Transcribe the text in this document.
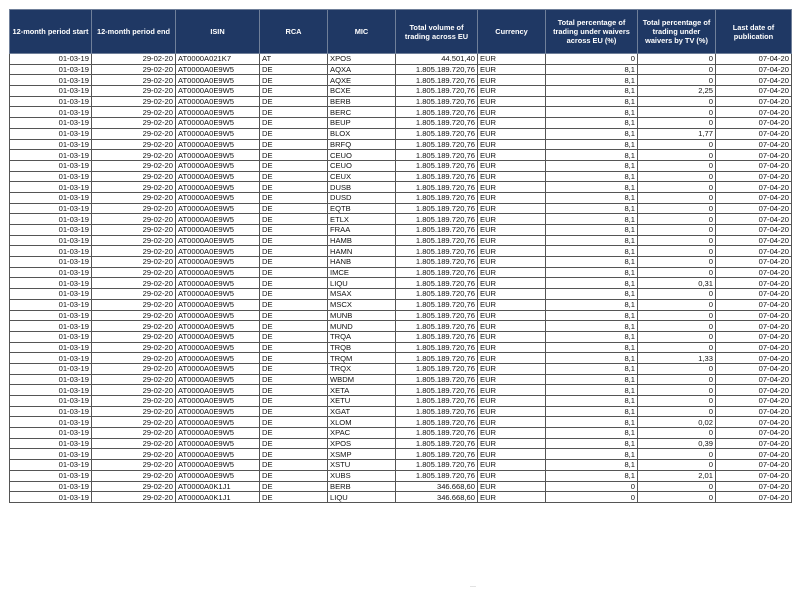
12-month period start	12-month period end	ISIN	RCA	MIC	Total volume of trading across EU	Currency	Total percentage of trading under waivers across EU (%)	Total percentage of trading under waivers by TV (%)	Last date of publication
01-03-19	29-02-20	AT0000A021K7	AT	XPOS	44.501,40	EUR	0	0	07-04-20
01-03-19	29-02-20	AT0000A0E9W5	DE	AQXA	1.805.189.720,76	EUR	8,1	0	07-04-20
01-03-19	29-02-20	AT0000A0E9W5	DE	AQXE	1.805.189.720,76	EUR	8,1	0	07-04-20
01-03-19	29-02-20	AT0000A0E9W5	DE	BCXE	1.805.189.720,76	EUR	8,1	2,25	07-04-20
01-03-19	29-02-20	AT0000A0E9W5	DE	BERB	1.805.189.720,76	EUR	8,1	0	07-04-20
01-03-19	29-02-20	AT0000A0E9W5	DE	BERC	1.805.189.720,76	EUR	8,1	0	07-04-20
01-03-19	29-02-20	AT0000A0E9W5	DE	BEUP	1.805.189.720,76	EUR	8,1	0	07-04-20
01-03-19	29-02-20	AT0000A0E9W5	DE	BLOX	1.805.189.720,76	EUR	8,1	1,77	07-04-20
01-03-19	29-02-20	AT0000A0E9W5	DE	BRFQ	1.805.189.720,76	EUR	8,1	0	07-04-20
01-03-19	29-02-20	AT0000A0E9W5	DE	CEUO	1.805.189.720,76	EUR	8,1	0	07-04-20
01-03-19	29-02-20	AT0000A0E9W5	DE	CEUO	1.805.189.720,76	EUR	8,1	0	07-04-20
01-03-19	29-02-20	AT0000A0E9W5	DE	CEUX	1.805.189.720,76	EUR	8,1	0	07-04-20
01-03-19	29-02-20	AT0000A0E9W5	DE	DUSB	1.805.189.720,76	EUR	8,1	0	07-04-20
01-03-19	29-02-20	AT0000A0E9W5	DE	DUSD	1.805.189.720,76	EUR	8,1	0	07-04-20
01-03-19	29-02-20	AT0000A0E9W5	DE	EQTB	1.805.189.720,76	EUR	8,1	0	07-04-20
01-03-19	29-02-20	AT0000A0E9W5	DE	ETLX	1.805.189.720,76	EUR	8,1	0	07-04-20
01-03-19	29-02-20	AT0000A0E9W5	DE	FRAA	1.805.189.720,76	EUR	8,1	0	07-04-20
01-03-19	29-02-20	AT0000A0E9W5	DE	HAMB	1.805.189.720,76	EUR	8,1	0	07-04-20
01-03-19	29-02-20	AT0000A0E9W5	DE	HAMN	1.805.189.720,76	EUR	8,1	0	07-04-20
01-03-19	29-02-20	AT0000A0E9W5	DE	HANB	1.805.189.720,76	EUR	8,1	0	07-04-20
01-03-19	29-02-20	AT0000A0E9W5	DE	IMCE	1.805.189.720,76	EUR	8,1	0	07-04-20
01-03-19	29-02-20	AT0000A0E9W5	DE	LIQU	1.805.189.720,76	EUR	8,1	0,31	07-04-20
01-03-19	29-02-20	AT0000A0E9W5	DE	MSAX	1.805.189.720,76	EUR	8,1	0	07-04-20
01-03-19	29-02-20	AT0000A0E9W5	DE	MSCX	1.805.189.720,76	EUR	8,1	0	07-04-20
01-03-19	29-02-20	AT0000A0E9W5	DE	MUNB	1.805.189.720,76	EUR	8,1	0	07-04-20
01-03-19	29-02-20	AT0000A0E9W5	DE	MUND	1.805.189.720,76	EUR	8,1	0	07-04-20
01-03-19	29-02-20	AT0000A0E9W5	DE	TRQA	1.805.189.720,76	EUR	8,1	0	07-04-20
01-03-19	29-02-20	AT0000A0E9W5	DE	TRQB	1.805.189.720,76	EUR	8,1	0	07-04-20
01-03-19	29-02-20	AT0000A0E9W5	DE	TRQM	1.805.189.720,76	EUR	8,1	1,33	07-04-20
01-03-19	29-02-20	AT0000A0E9W5	DE	TRQX	1.805.189.720,76	EUR	8,1	0	07-04-20
01-03-19	29-02-20	AT0000A0E9W5	DE	WBDM	1.805.189.720,76	EUR	8,1	0	07-04-20
01-03-19	29-02-20	AT0000A0E9W5	DE	XETA	1.805.189.720,76	EUR	8,1	0	07-04-20
01-03-19	29-02-20	AT0000A0E9W5	DE	XETU	1.805.189.720,76	EUR	8,1	0	07-04-20
01-03-19	29-02-20	AT0000A0E9W5	DE	XGAT	1.805.189.720,76	EUR	8,1	0	07-04-20
01-03-19	29-02-20	AT0000A0E9W5	DE	XLOM	1.805.189.720,76	EUR	8,1	0,02	07-04-20
01-03-19	29-02-20	AT0000A0E9W5	DE	XPAC	1.805.189.720,76	EUR	8,1	0	07-04-20
01-03-19	29-02-20	AT0000A0E9W5	DE	XPOS	1.805.189.720,76	EUR	8,1	0,39	07-04-20
01-03-19	29-02-20	AT0000A0E9W5	DE	XSMP	1.805.189.720,76	EUR	8,1	0	07-04-20
01-03-19	29-02-20	AT0000A0E9W5	DE	XSTU	1.805.189.720,76	EUR	8,1	0	07-04-20
01-03-19	29-02-20	AT0000A0E9W5	DE	XUBS	1.805.189.720,76	EUR	8,1	2,01	07-04-20
01-03-19	29-02-20	AT0000A0K1J1	DE	BERB	346.668,60	EUR	0	0	07-04-20
01-03-19	29-02-20	AT0000A0K1J1	DE	LIQU	346.668,60	EUR	0	0	07-04-20
···
